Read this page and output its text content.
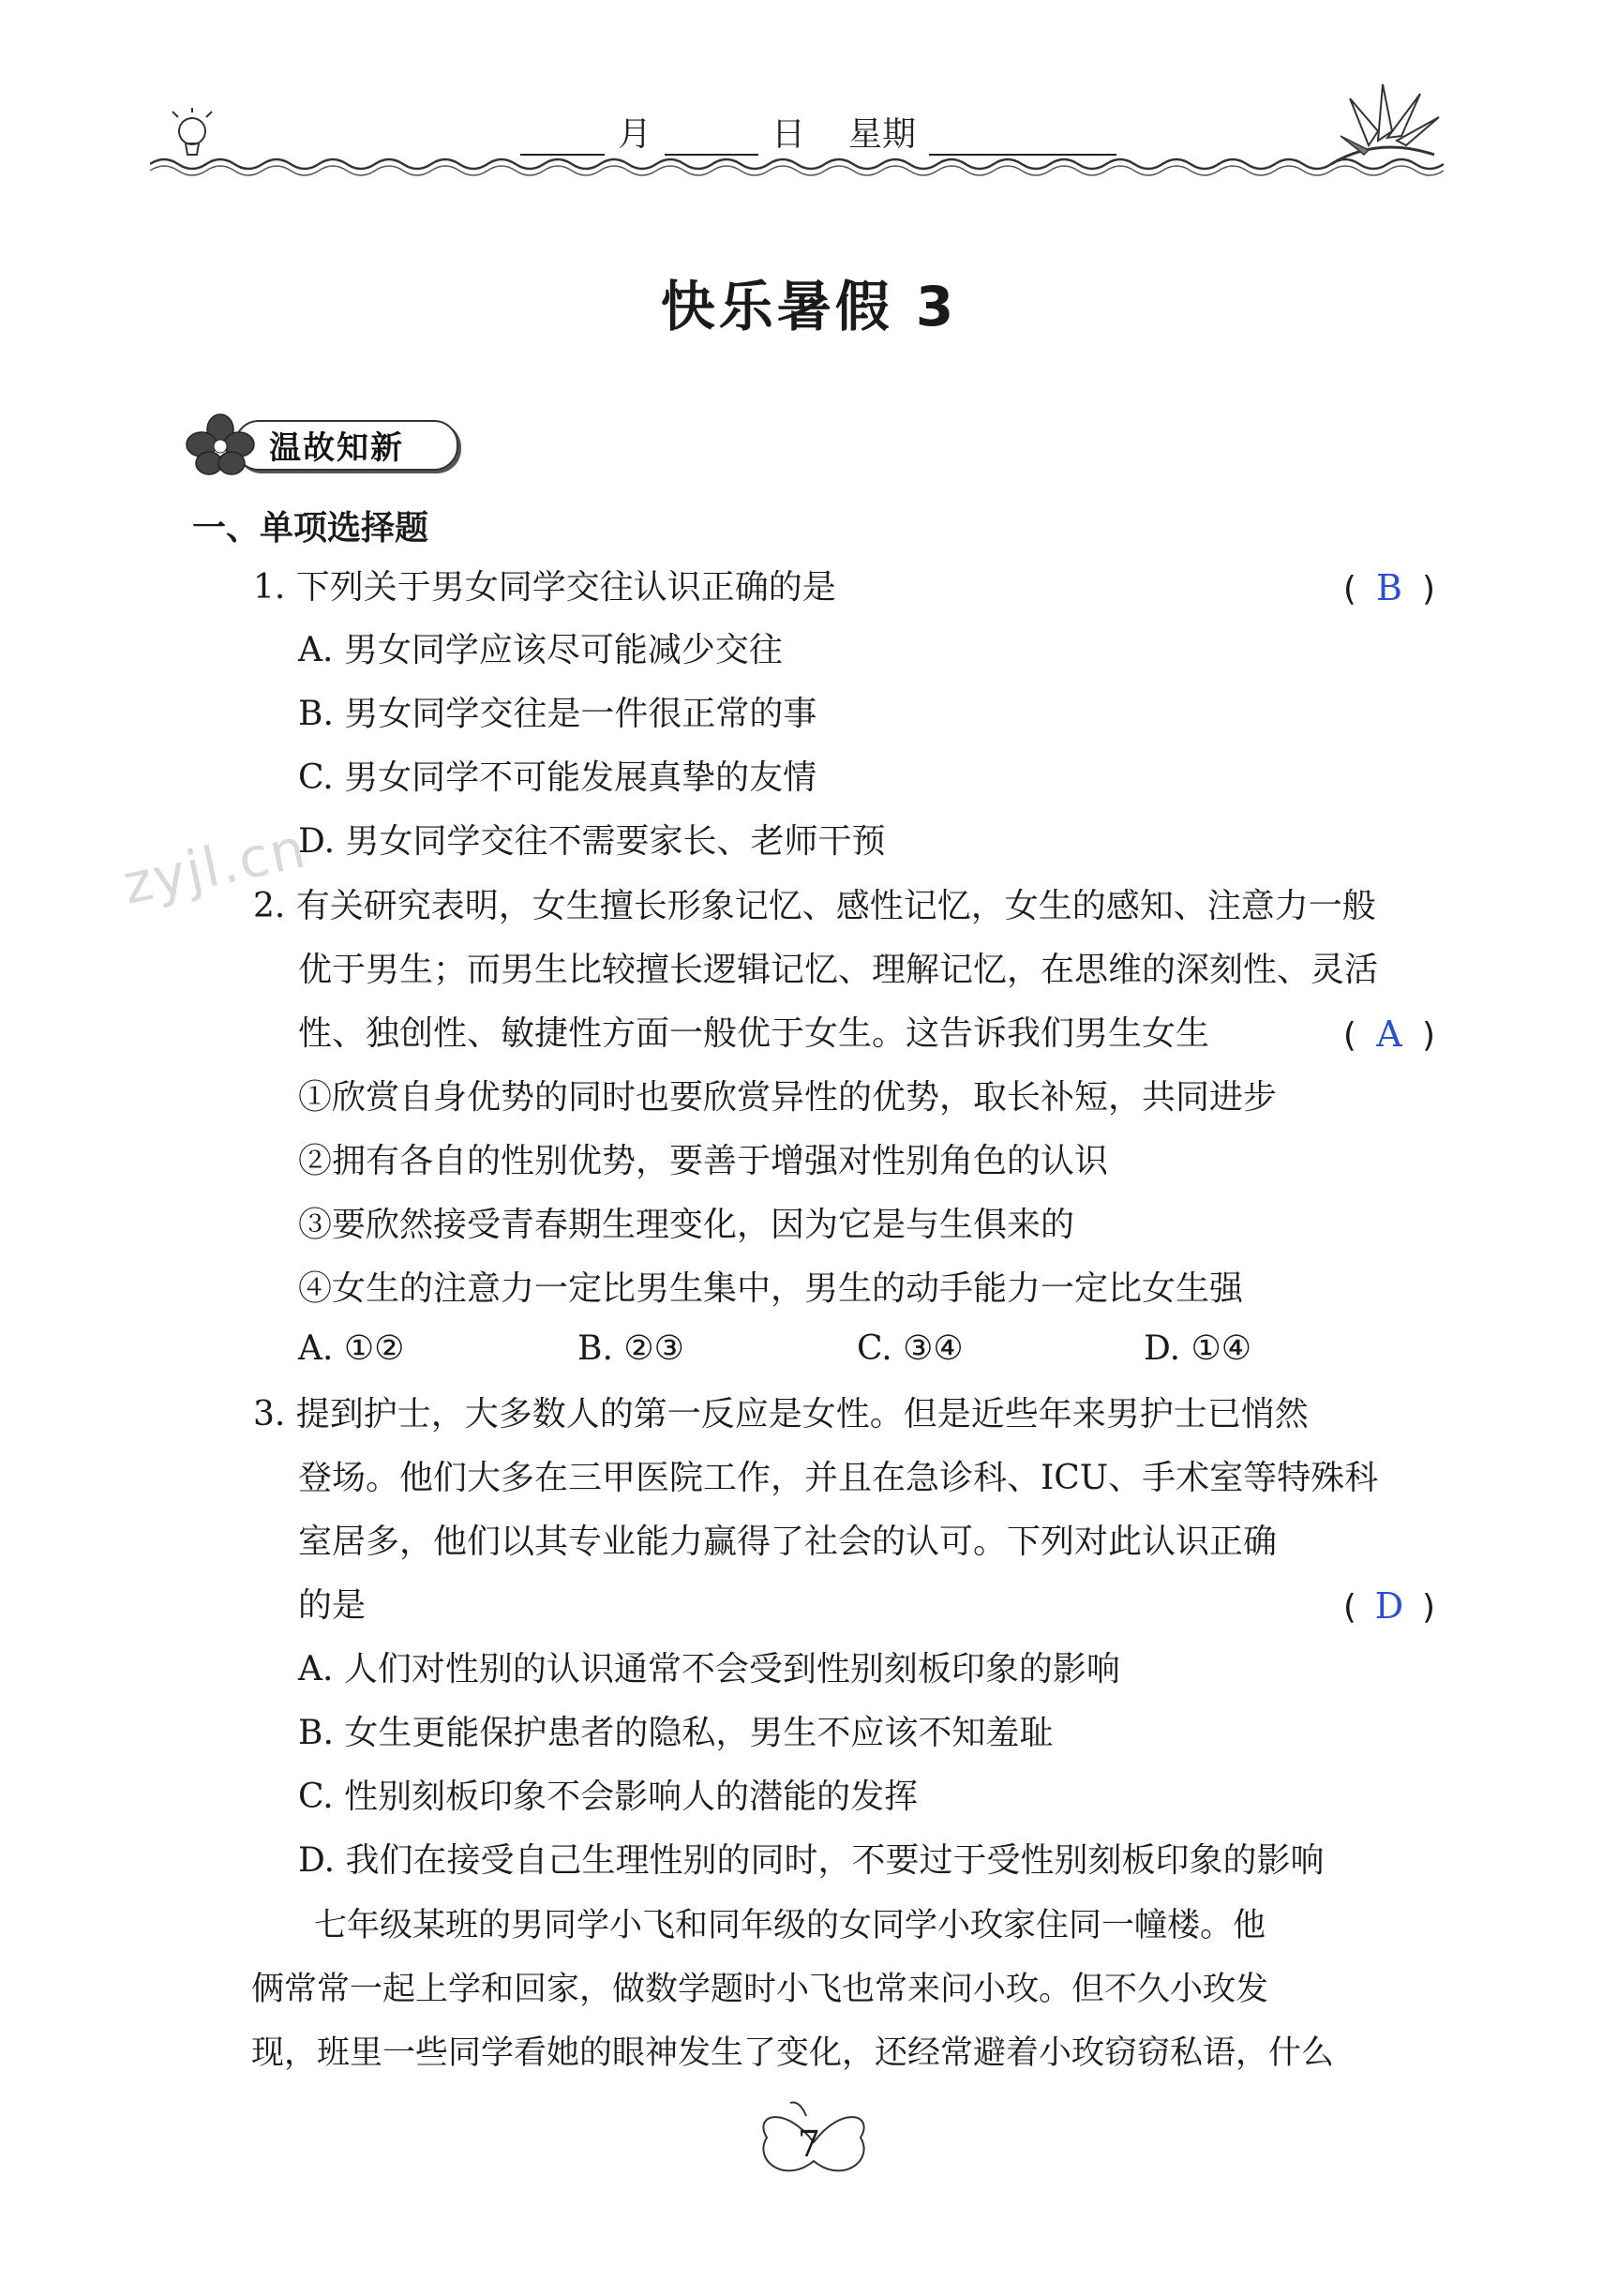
月	日 星期
快乐暑假 3
温故知新
一、单项选择题
1. 下列关于男女同学交往认识正确的是	( B )
A. 男女同学应该尽可能减少交往
B. 男女同学交往是一件很正常的事
C. 男女同学不可能发展真挚的友情
D. 男女同学交往不需要家长、老师干预
2. 有关研究表明，女生擅长形象记忆、感性记忆，女生的感知、注意力一般
优于男生；而男生比较擅长逻辑记忆、理解记忆，在思维的深刻性、灵活
性、独创性、敏捷性方面一般优于女生。这告诉我们男生女生	( A )
①欣赏自身优势的同时也要欣赏异性的优势，取长补短，共同进步
②拥有各自的性别优势，要善于增强对性别角色的认识
③要欣然接受青春期生理变化，因为它是与生俱来的
④女生的注意力一定比男生集中，男生的动手能力一定比女生强
A. ①②	B. ②③	C. ③④	D. ①④
3. 提到护士，大多数人的第一反应是女性。但是近些年来男护士已悄然
登场。他们大多在三甲医院工作，并且在急诊科、ICU、手术室等特殊科
室居多，他们以其专业能力赢得了社会的认可。下列对此认识正确
的是	( D )
A. 人们对性别的认识通常不会受到性别刻板印象的影响
B. 女生更能保护患者的隐私，男生不应该不知羞耻
C. 性别刻板印象不会影响人的潜能的发挥
D. 我们在接受自己生理性别的同时，不要过于受性别刻板印象的影响
七年级某班的男同学小飞和同年级的女同学小玫家住同一幢楼。他
俩常常一起上学和回家，做数学题时小飞也常来问小玫。但不久小玫发
现，班里一些同学看她的眼神发生了变化，还经常避着小玫窃窃私语，什么
zyjl.cn
7
